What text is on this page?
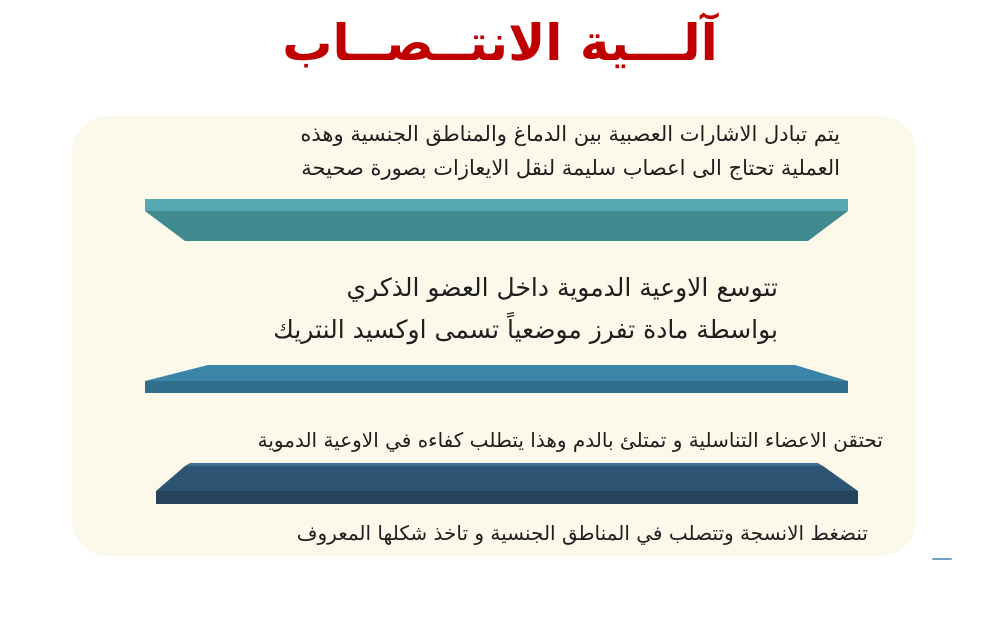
آلـــية الانتــصــاب
يتم تبادل الاشارات العصبية بين الدماغ والمناطق الجنسية وهذه
العملية تحتاج الى اعصاب سليمة لنقل الايعازات بصورة صحيحة
تتوسع الاوعية الدموية داخل العضو الذكري
بواسطة مادة تفرز موضعياً تسمى اوكسيد النتريك
تحتقن الاعضاء التناسلية و تمتلئ بالدم وهذا يتطلب كفاءه في الاوعية الدموية
تنضغط الانسجة وتتصلب في المناطق الجنسية و تاخذ شكلها المعروف
